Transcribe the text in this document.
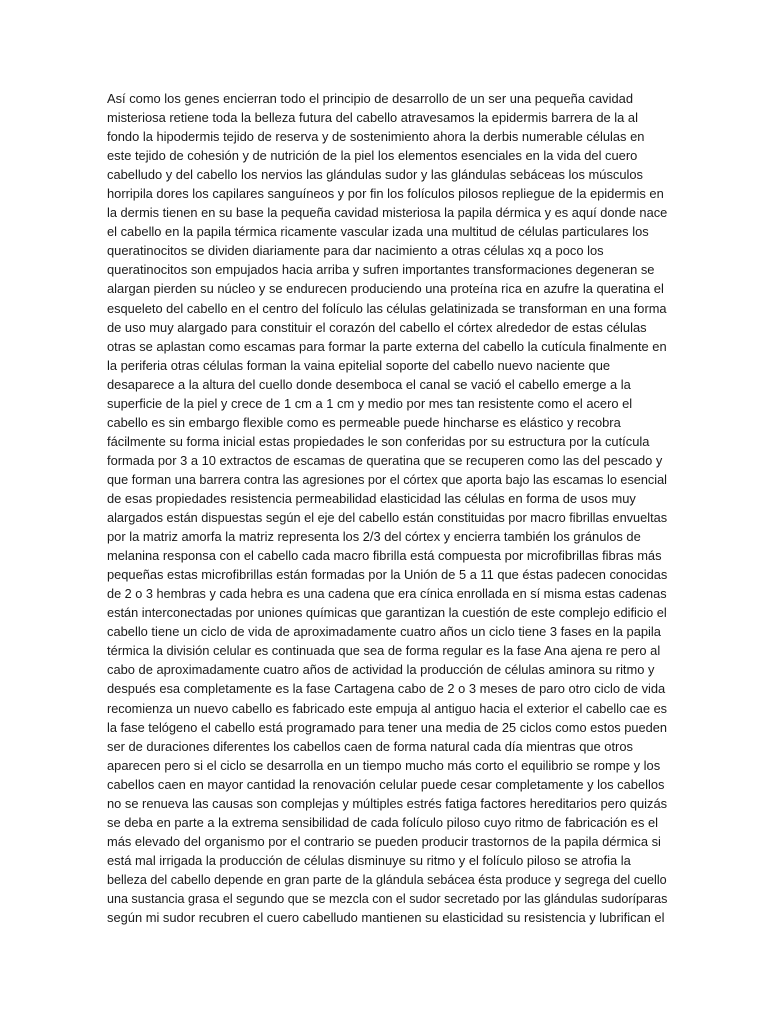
Así como los genes encierran todo el principio de desarrollo de un ser una pequeña cavidad
misteriosa retiene toda la belleza futura del cabello atravesamos la epidermis barrera de la al
fondo la hipodermis tejido de reserva y de sostenimiento ahora la derbis numerable células en
este tejido de cohesión y de nutrición de la piel los elementos esenciales en la vida del cuero
cabelludo y del cabello los nervios las glándulas sudor y las glándulas sebáceas los músculos
horripila dores los capilares sanguíneos y por fin los folículos pilosos repliegue de la epidermis en
la dermis tienen en su base la pequeña cavidad misteriosa la papila dérmica y es aquí donde nace
el cabello en la papila térmica ricamente vascular izada una multitud de células particulares los
queratinocitos se dividen diariamente para dar nacimiento a otras células xq a poco los
queratinocitos son empujados hacia arriba y sufren importantes transformaciones degeneran se
alargan pierden su núcleo y se endurecen produciendo una proteína rica en azufre la queratina el
esqueleto del cabello en el centro del folículo las células gelatinizada se transforman en una forma
de uso muy alargado para constituir el corazón del cabello el córtex alrededor de estas células
otras se aplastan como escamas para formar la parte externa del cabello la cutícula finalmente en
la periferia otras células forman la vaina epitelial soporte del cabello nuevo naciente que
desaparece a la altura del cuello donde desemboca el canal se vació el cabello emerge a la
superficie de la piel y crece de 1 cm a 1 cm y medio por mes tan resistente como el acero el
cabello es sin embargo flexible como es permeable puede hincharse es elástico y recobra
fácilmente su forma inicial estas propiedades le son conferidas por su estructura por la cutícula
formada por 3 a 10 extractos de escamas de queratina que se recuperen como las del pescado y
que forman una barrera contra las agresiones por el córtex que aporta bajo las escamas lo esencial
de esas propiedades resistencia permeabilidad elasticidad las células en forma de usos muy
alargados están dispuestas según el eje del cabello están constituidas por macro fibrillas envueltas
por la matriz amorfa la matriz representa los 2/3 del córtex y encierra también los gránulos de
melanina responsa con el cabello cada macro fibrilla está compuesta por microfibrillas fibras más
pequeñas estas microfibrillas están formadas por la Unión de 5 a 11 que éstas padecen conocidas
de 2 o 3 hembras y cada hebra es una cadena que era cínica enrollada en sí misma estas cadenas
están interconectadas por uniones químicas que garantizan la cuestión de este complejo edificio el
cabello tiene un ciclo de vida de aproximadamente cuatro años un ciclo tiene 3 fases en la papila
térmica la división celular es continuada que sea de forma regular es la fase Ana ajena re pero al
cabo de aproximadamente cuatro años de actividad la producción de células aminora su ritmo y
después esa completamente es la fase Cartagena cabo de 2 o 3 meses de paro otro ciclo de vida
recomienza un nuevo cabello es fabricado este empuja al antiguo hacia el exterior el cabello cae es
la fase telógeno el cabello está programado para tener una media de 25 ciclos como estos pueden
ser de duraciones diferentes los cabellos caen de forma natural cada día mientras que otros
aparecen pero si el ciclo se desarrolla en un tiempo mucho más corto el equilibrio se rompe y los
cabellos caen en mayor cantidad la renovación celular puede cesar completamente y los cabellos
no se renueva las causas son complejas y múltiples estrés fatiga factores hereditarios pero quizás
se deba en parte a la extrema sensibilidad de cada folículo piloso cuyo ritmo de fabricación es el
más elevado del organismo por el contrario se pueden producir trastornos de la papila dérmica si
está mal irrigada la producción de células disminuye su ritmo y el folículo piloso se atrofia la
belleza del cabello depende en gran parte de la glándula sebácea ésta produce y segrega del cuello
una sustancia grasa el segundo que se mezcla con el sudor secretado por las glándulas sudoríparas
según mi sudor recubren el cuero cabelludo mantienen su elasticidad su resistencia y lubrifican el
